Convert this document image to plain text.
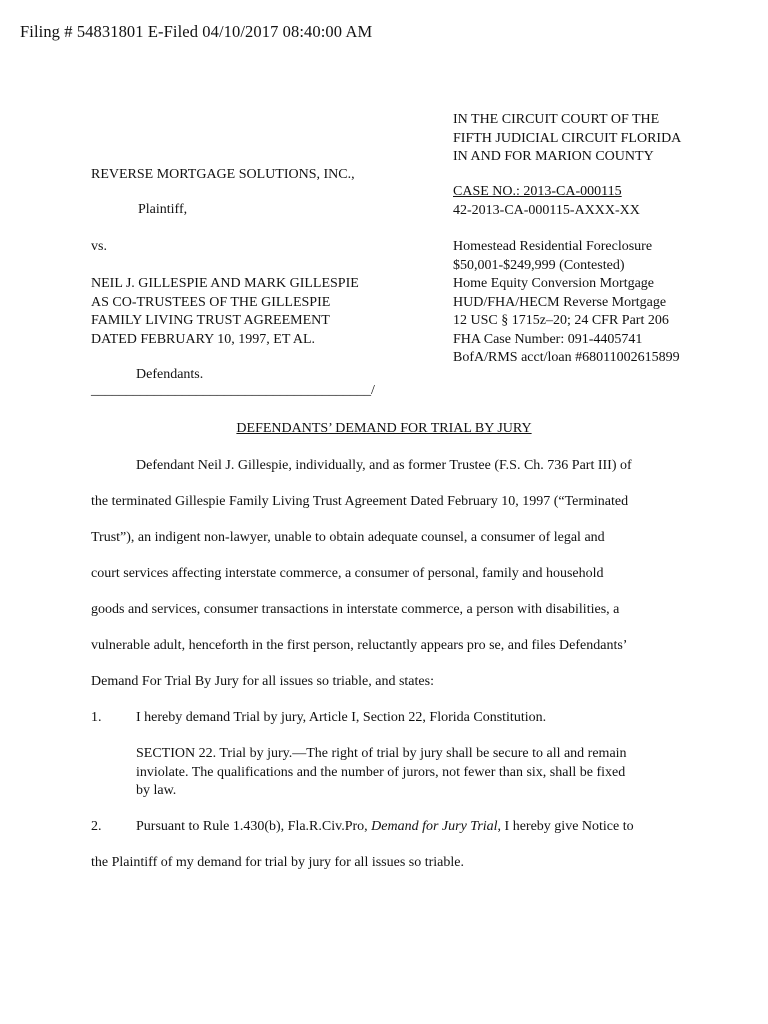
Filing # 54831801 E-Filed 04/10/2017 08:40:00 AM
IN THE CIRCUIT COURT OF THE
FIFTH JUDICIAL CIRCUIT FLORIDA
IN AND FOR MARION COUNTY
CASE NO.: 2013-CA-000115
42-2013-CA-000115-AXXX-XX
Homestead Residential Foreclosure
$50,001-$249,999 (Contested)
Home Equity Conversion Mortgage
HUD/FHA/HECM Reverse Mortgage
12 USC § 1715z–20; 24 CFR Part 206
FHA Case Number: 091-4405741
BofA/RMS acct/loan #68011002615899
REVERSE MORTGAGE SOLUTIONS, INC.,
Plaintiff,
vs.
NEIL J. GILLESPIE AND MARK GILLESPIE
AS CO-TRUSTEES OF THE GILLESPIE
FAMILY LIVING TRUST AGREEMENT
DATED FEBRUARY 10, 1997, ET AL.
Defendants.
________________________________________/
DEFENDANTS’ DEMAND FOR TRIAL BY JURY
Defendant Neil J. Gillespie, individually, and as former Trustee (F.S. Ch. 736 Part III) of
the terminated Gillespie Family Living Trust Agreement Dated February 10, 1997 (“Terminated
Trust”), an indigent non-lawyer, unable to obtain adequate counsel, a consumer of legal and
court services affecting interstate commerce, a consumer of personal, family and household
goods and services, consumer transactions in interstate commerce, a person with disabilities, a
vulnerable adult, henceforth in the first person, reluctantly appears pro se, and files Defendants’
Demand For Trial By Jury for all issues so triable, and states:
1. I hereby demand Trial by jury, Article I, Section 22, Florida Constitution.
SECTION 22. Trial by jury.—The right of trial by jury shall be secure to all and remain
inviolate. The qualifications and the number of jurors, not fewer than six, shall be fixed
by law.
2. Pursuant to Rule 1.430(b), Fla.R.Civ.Pro, Demand for Jury Trial, I hereby give Notice to
the Plaintiff of my demand for trial by jury for all issues so triable.
